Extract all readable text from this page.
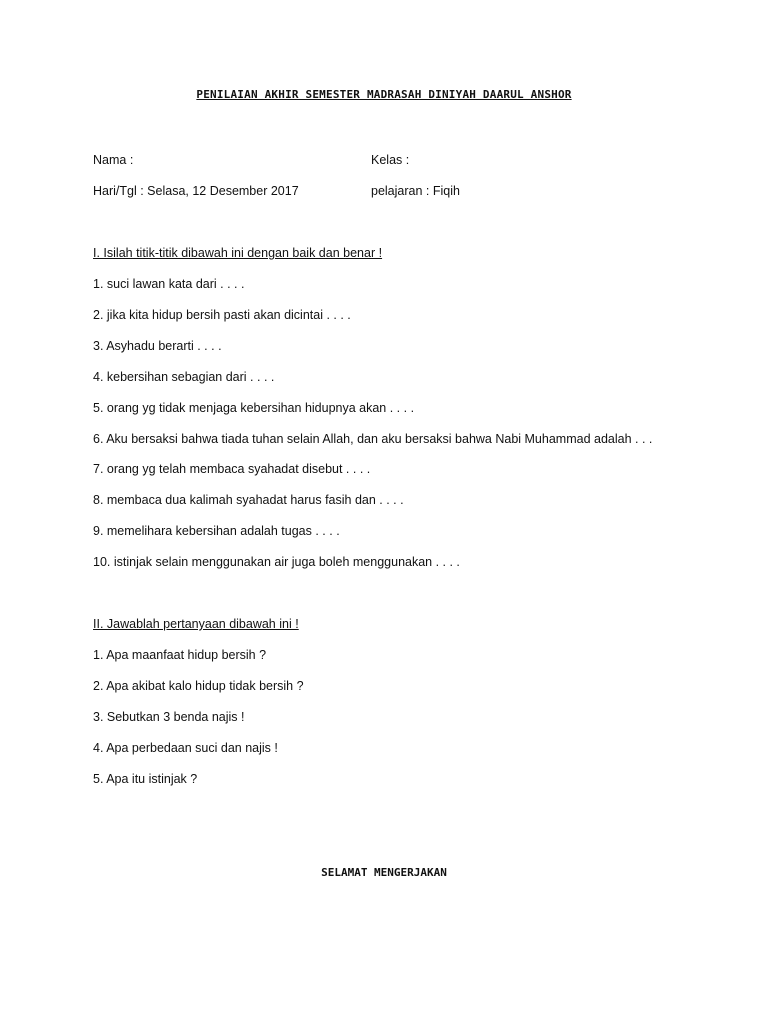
PENILAIAN AKHIR SEMESTER MADRASAH DINIYAH DAARUL ANSHOR
Nama :	Kelas :
Hari/Tgl : Selasa, 12 Desember 2017	pelajaran : Fiqih
I. Isilah titik-titik dibawah ini dengan baik dan benar !
1. suci lawan kata dari . . . .
2. jika kita hidup bersih pasti akan dicintai . . . .
3. Asyhadu berarti . . . .
4. kebersihan sebagian dari . . . .
5. orang yg tidak menjaga kebersihan hidupnya akan . . . .
6. Aku bersaksi bahwa tiada tuhan selain Allah, dan aku bersaksi bahwa Nabi Muhammad adalah . . .
7. orang yg telah membaca syahadat disebut . . . .
8. membaca dua kalimah syahadat harus fasih dan . . . .
9. memelihara kebersihan adalah tugas . . . .
10. istinjak selain menggunakan air juga boleh menggunakan . . . .
II. Jawablah pertanyaan dibawah ini !
1. Apa maanfaat hidup bersih ?
2. Apa akibat kalo hidup tidak bersih ?
3. Sebutkan 3 benda najis !
4. Apa perbedaan suci dan najis !
5. Apa itu istinjak ?
SELAMAT MENGERJAKAN
